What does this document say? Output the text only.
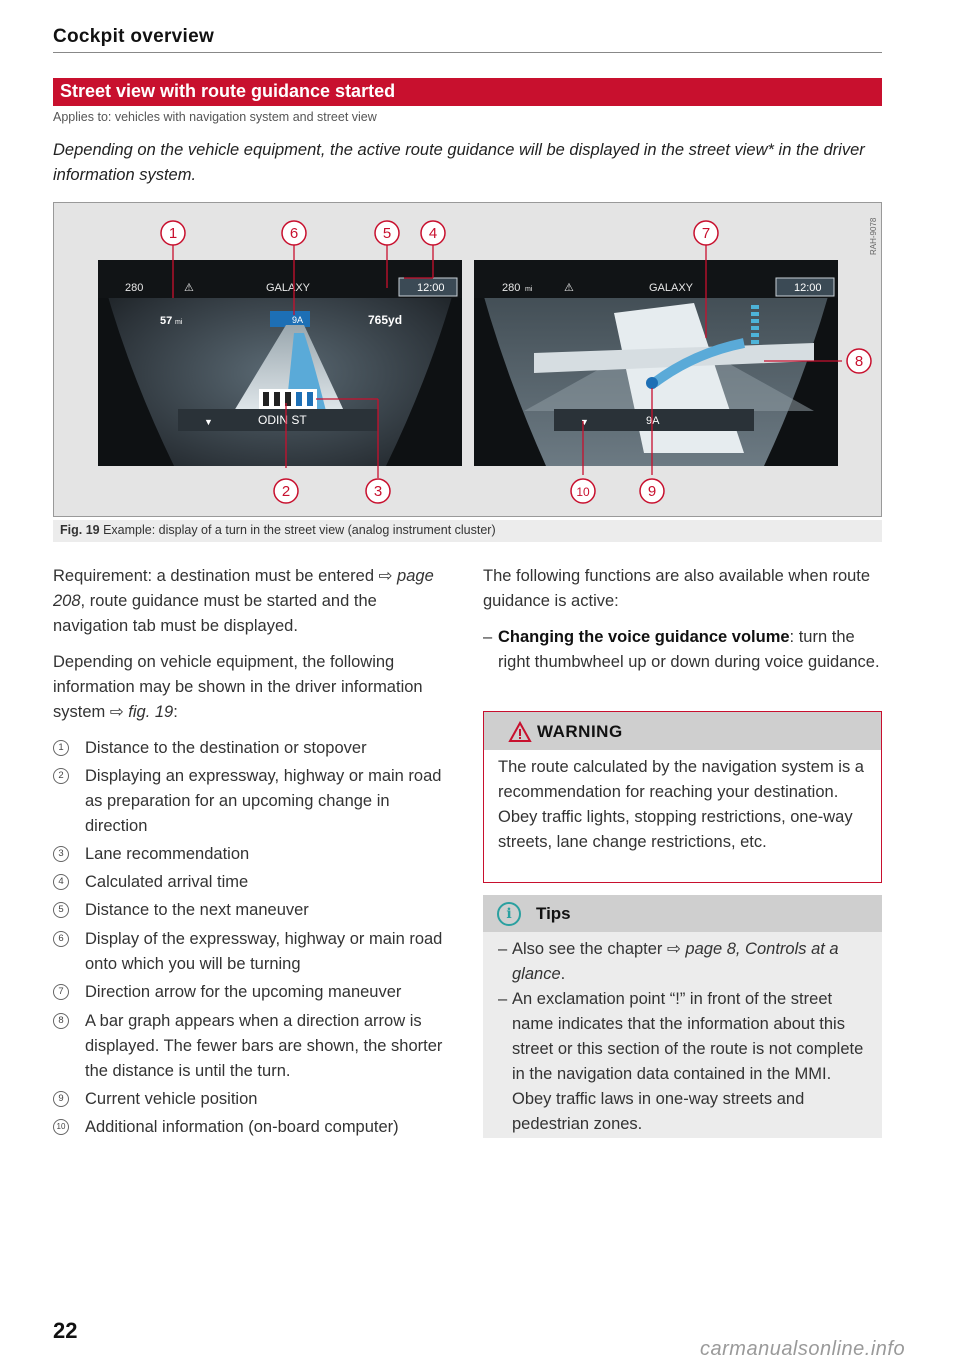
Cockpit overview
Street view with route guidance started
Applies to: vehicles with navigation system and street view
Depending on the vehicle equipment, the active route guidance will be displayed in the street view* in the driver information system.
280	⚠	GALAXY	12:00
57 mi	765yd
9A
▼	ODIN ST
280 mi	⚠	GALAXY	12:00
▼	9A
1	6	5	4	7
8
2	3	10	9
RAH-9078
Fig. 19 Example: display of a turn in the street view (analog instrument cluster)
Requirement: a destination must be entered ⇨ page 208, route guidance must be started and the navigation tab must be displayed.
Depending on vehicle equipment, the following information may be shown in the driver information system ⇨ fig. 19:
1	Distance to the destination or stopover
2	Displaying an expressway, highway or main road as preparation for an upcoming change in direction
3	Lane recommendation
4	Calculated arrival time
5	Distance to the next maneuver
6	Display of the expressway, highway or main road onto which you will be turning
7	Direction arrow for the upcoming maneuver
8	A bar graph appears when a direction arrow is displayed. The fewer bars are shown, the shorter the distance is until the turn.
9	Current vehicle position
10 Additional information (on-board computer)
The following functions are also available when route guidance is active:
– Changing the voice guidance volume: turn the right thumbwheel up or down during voice guidance.
WARNING
The route calculated by the navigation system is a recommendation for reaching your destination. Obey traffic lights, stopping restrictions, one-way streets, lane change restrictions, etc.
i	Tips
– Also see the chapter ⇨ page 8, Controls at a glance.
– An exclamation point “!” in front of the street name indicates that the information about this street or this section of the route is not complete in the navigation data contained in the MMI. Obey traffic laws in one-way streets and pedestrian zones.
22
carmanualsonline.info
